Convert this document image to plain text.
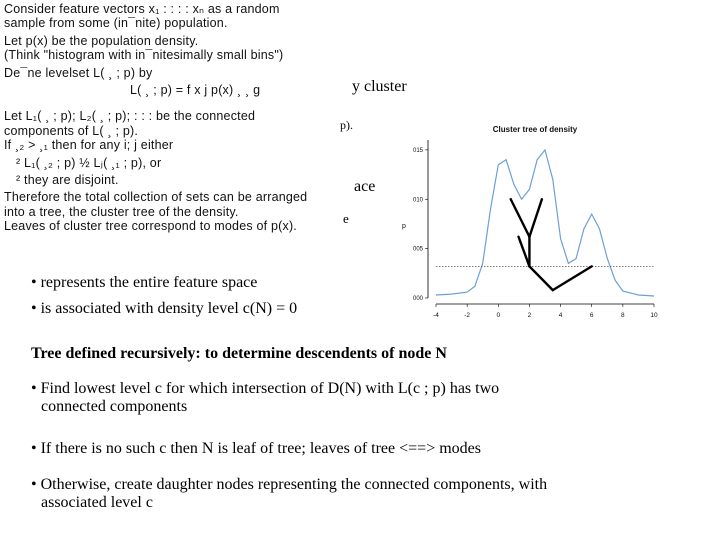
Consider feature vectors x₁ : : : : xₙ as a random

sample from some (in¯nite) population.

Let p(x) be the population density.

(Think "histogram with in¯nitesimally small bins")

De¯ne levelset L( ¸ ; p) by

L( ¸ ; p) = f x j p(x) ¸ ¸ g

Let L₁( ¸ ; p); L₂( ¸ ; p); : : : be the connected

components of L( ¸ ; p).

If ¸₂ > ¸₁ then for any i; j either

² L₁( ¸₂ ; p) ½ Lⱼ( ¸₁ ; p), or

² they are disjoint.

Therefore the total collection of sets can be arranged

into a tree, the cluster tree of the density.

Leaves of cluster tree correspond to modes of p(x).

y cluster
p).
ace
e
• represents the entire feature space
• is associated with density level c(N) = 0
Tree defined recursively: to determine descendents of node N
• Find lowest level c for which intersection of D(N) with L(c ; p) has two
connected components
• If there is no such c then N is leaf of tree; leaves of tree <==> modes
• Otherwise, create daughter nodes representing the connected components, with
associated level c
Cluster tree of density
p
-4	-2	0	2	4	6	8	10
015
010
005
000
